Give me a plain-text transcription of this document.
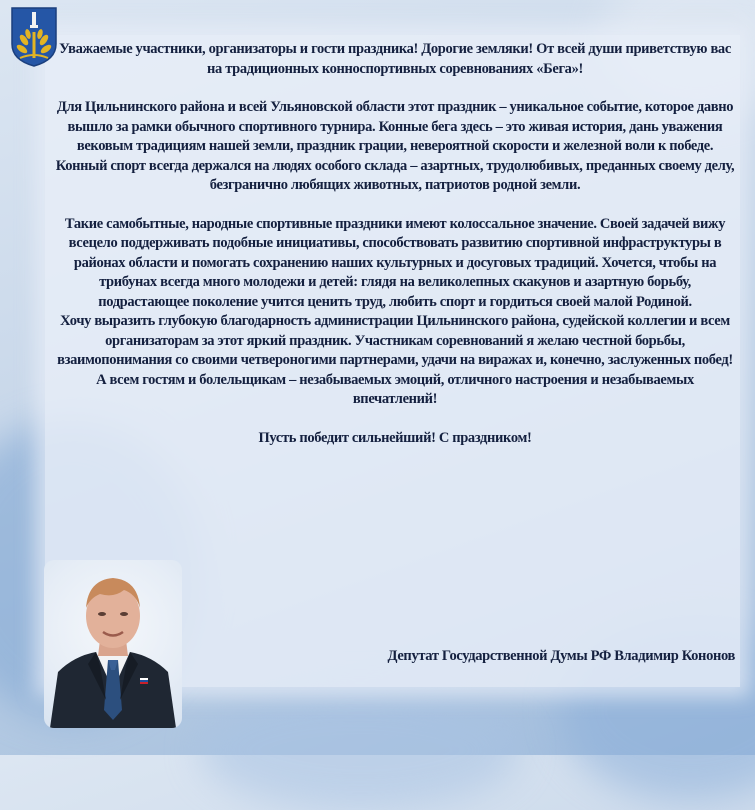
Уважаемые участники, организаторы и гости праздника! Дорогие земляки! От всей души приветствую вас на традиционных конноспортивных соревнованиях «Бега»!

Для Цильнинского района и всей Ульяновской области этот праздник – уникальное событие, которое давно вышло за рамки обычного спортивного турнира. Конные бега здесь – это живая история, дань уважения вековым традициям нашей земли, праздник грации, невероятной скорости и железной воли к победе. Конный спорт всегда держался на людях особого склада – азартных, трудолюбивых, преданных своему делу, безгранично любящих животных, патриотов родной земли.

Такие самобытные, народные спортивные праздники имеют колоссальное значение. Своей задачей вижу всецело поддерживать подобные инициативы, способствовать развитию спортивной инфраструктуры в районах области и помогать сохранению наших культурных и досуговых традиций. Хочется, чтобы на трибунах всегда много молодежи и детей: глядя на великолепных скакунов и азартную борьбу, подрастающее поколение учится ценить труд, любить спорт и гордиться своей малой Родиной.

Хочу выразить глубокую благодарность администрации Цильнинского района, судейской коллегии и всем организаторам за этот яркий праздник. Участникам соревнований я желаю честной борьбы, взаимопонимания со своими четвероногими партнерами, удачи на виражах и, конечно, заслуженных побед! А всем гостям и болельщикам – незабываемых эмоций, отличного настроения и незабываемых впечатлений!

Пусть победит сильнейший! С праздником!

Депутат Государственной Думы РФ Владимир Кононов
